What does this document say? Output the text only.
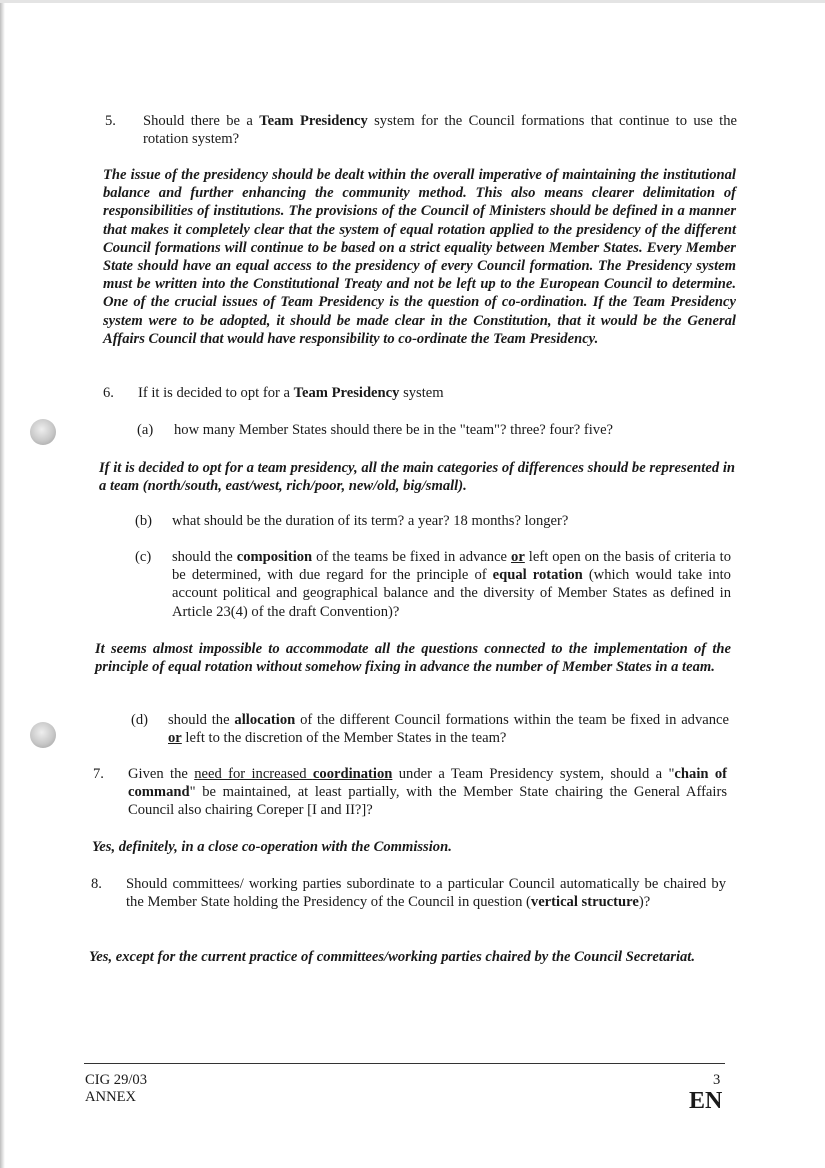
5. Should there be a Team Presidency system for the Council formations that continue to use the rotation system?
The issue of the presidency should be dealt within the overall imperative of maintaining the institutional balance and further enhancing the community method. This also means clearer delimitation of responsibilities of institutions. The provisions of the Council of Ministers should be defined in a manner that makes it completely clear that the system of equal rotation applied to the presidency of the different Council formations will continue to be based on a strict equality between Member States. Every Member State should have an equal access to the presidency of every Council formation. The Presidency system must be written into the Constitutional Treaty and not be left up to the European Council to determine. One of the crucial issues of Team Presidency is the question of co-ordination. If the Team Presidency system were to be adopted, it should be made clear in the Constitution, that it would be the General Affairs Council that would have responsibility to co-ordinate the Team Presidency.
6. If it is decided to opt for a Team Presidency system
(a) how many Member States should there be in the "team"? three? four? five?
If it is decided to opt for a team presidency, all the main categories of differences should be represented in a team (north/south, east/west, rich/poor, new/old, big/small).
(b) what should be the duration of its term? a year? 18 months? longer?
(c) should the composition of the teams be fixed in advance or left open on the basis of criteria to be determined, with due regard for the principle of equal rotation (which would take into account political and geographical balance and the diversity of Member States as defined in Article 23(4) of the draft Convention)?
It seems almost impossible to accommodate all the questions connected to the implementation of the principle of equal rotation without somehow fixing in advance the number of Member States in a team.
(d) should the allocation of the different Council formations within the team be fixed in advance or left to the discretion of the Member States in the team?
7. Given the need for increased coordination under a Team Presidency system, should a "chain of command" be maintained, at least partially, with the Member State chairing the General Affairs Council also chairing Coreper [I and II?]?
Yes, definitely, in a close co-operation with the Commission.
8. Should committees/ working parties subordinate to a particular Council automatically be chaired by the Member State holding the Presidency of the Council in question (vertical structure)?
Yes, except for the current practice of committees/working parties chaired by the Council Secretariat.
CIG 29/03
ANNEX
3
EN
